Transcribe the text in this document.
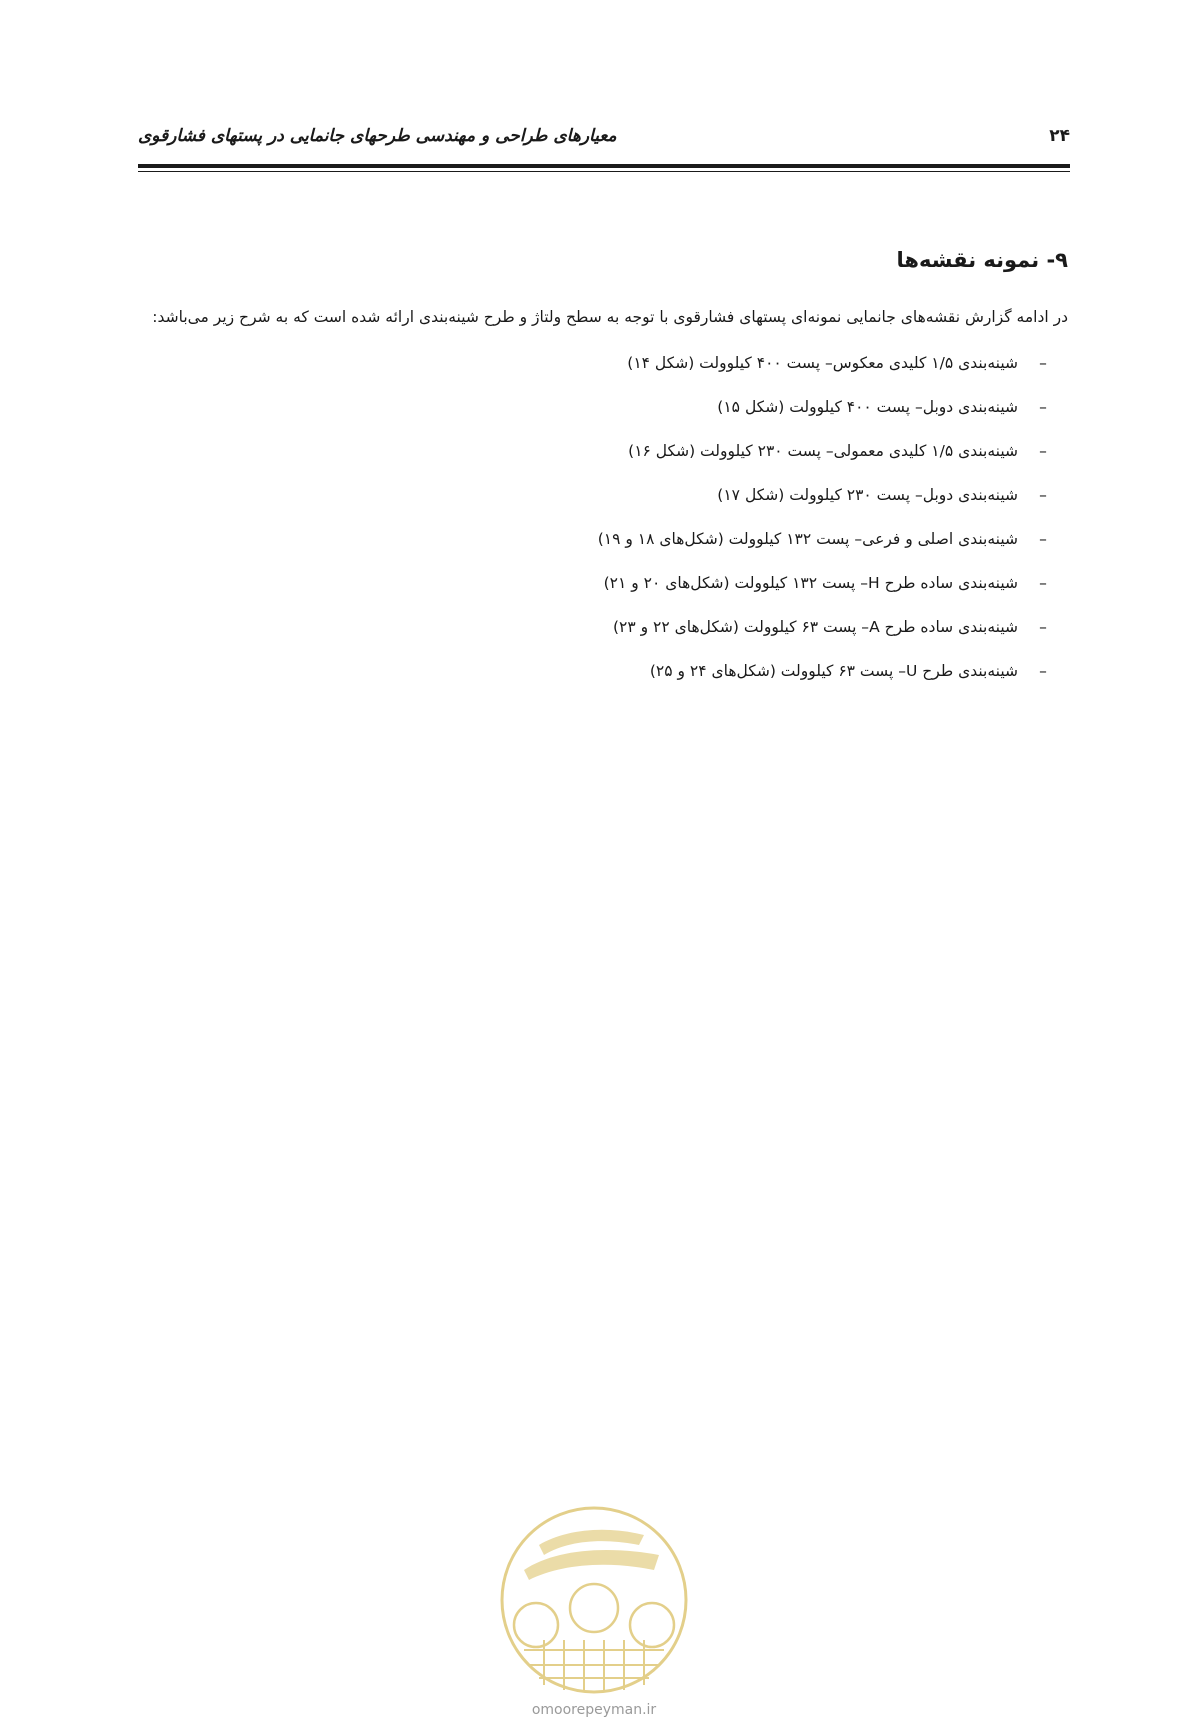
معیارهای طراحی و مهندسی طرحهای جانمایی در پستهای فشارقوی	۲۴
۹- نمونه نقشه‌ها

در ادامه گزارش نقشه‌های جانمایی نمونه‌ای پستهای فشارقوی با توجه به سطح ولتاژ و طرح شینه‌بندی ارائه شده است که به شرح زیر می‌باشد:

–شینه‌بندی ۱/۵ کلیدی معکوس– پست ۴۰۰ کیلوولت (شکل ۱۴)
–شینه‌بندی دوبل– پست ۴۰۰ کیلوولت (شکل ۱۵)
–شینه‌بندی ۱/۵ کلیدی معمولی– پست ۲۳۰ کیلوولت (شکل ۱۶)
–شینه‌بندی دوبل– پست ۲۳۰ کیلوولت (شکل ۱۷)
–شینه‌بندی اصلی و فرعی– پست ۱۳۲ کیلوولت (شکل‌های ۱۸ و ۱۹)
–شینه‌بندی ساده طرح H– پست ۱۳۲ کیلوولت (شکل‌های ۲۰ و ۲۱)
–شینه‌بندی ساده طرح A– پست ۶۳ کیلوولت (شکل‌های ۲۲ و ۲۳)
–شینه‌بندی طرح U– پست ۶۳ کیلوولت (شکل‌های ۲۴ و ۲۵)
omoorepeyman.ir
